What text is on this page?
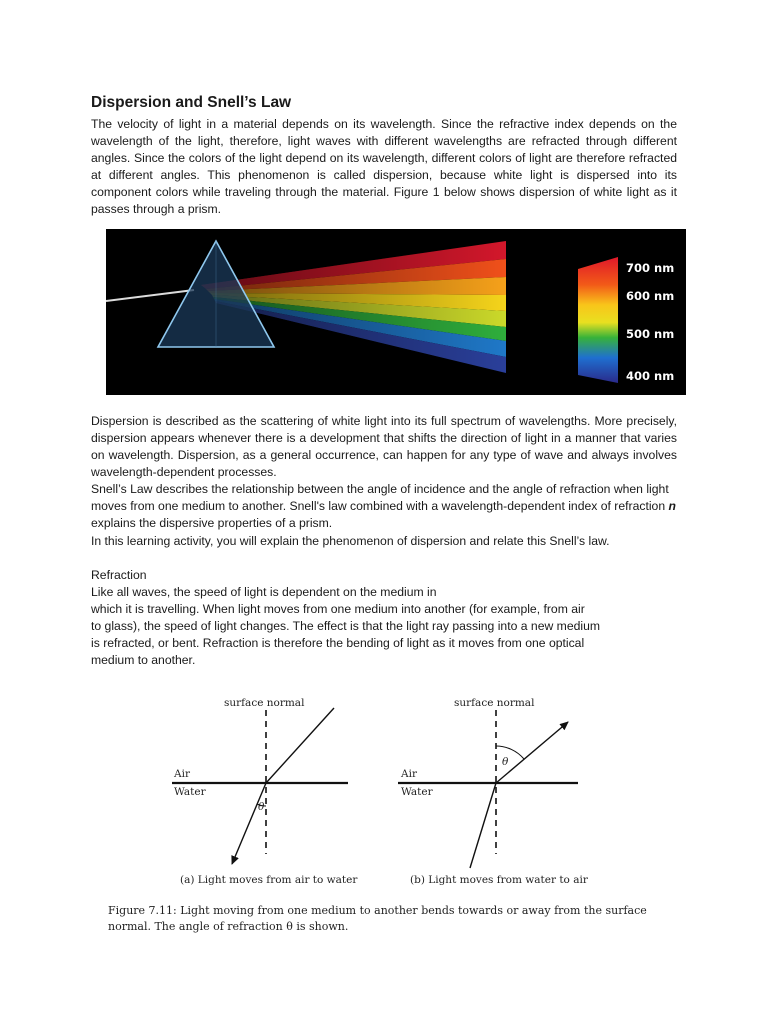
Dispersion and Snell’s Law

The velocity of light in a material depends on its wavelength. Since the refractive index depends on the wavelength of the light, therefore, light waves with different wavelengths are refracted through different angles. Since the colors of the light depend on its wavelength, different colors of light are therefore refracted at different angles. This phenomenon is called dispersion, because white light is dispersed into its component colors while traveling through the material. Figure 1 below shows dispersion of white light as it passes through a prism.

700 nm
600 nm
500 nm
400 nm

Dispersion is described as the scattering of white light into its full spectrum of wavelengths. More precisely, dispersion appears whenever there is a development that shifts the direction of light in a manner that varies on wavelength. Dispersion, as a general occurrence, can happen for any type of wave and always involves wavelength-dependent processes.

Snell’s Law describes the relationship between the angle of incidence and the angle of refraction when light moves from one medium to another. Snell's law combined with a wavelength-dependent index of refraction n explains the dispersive properties of a prism.

In this learning activity, you will explain the phenomenon of dispersion and relate this Snell’s law.

Refraction

Like all waves, the speed of light is dependent on the medium in
which it is travelling. When light moves from one medium into another (for example, from air
to glass), the speed of light changes. The effect is that the light ray passing into a new medium
is refracted, or bent. Refraction is therefore the bending of light as it moves from one optical
medium to another.
surface normal
Air
Water
θ
(a) Light moves from air to water
surface normal
Air
Water
θ
(b) Light moves from water to air

Figure 7.11: Light moving from one medium to another bends towards or away from the surface normal. The angle of refraction θ is shown.
